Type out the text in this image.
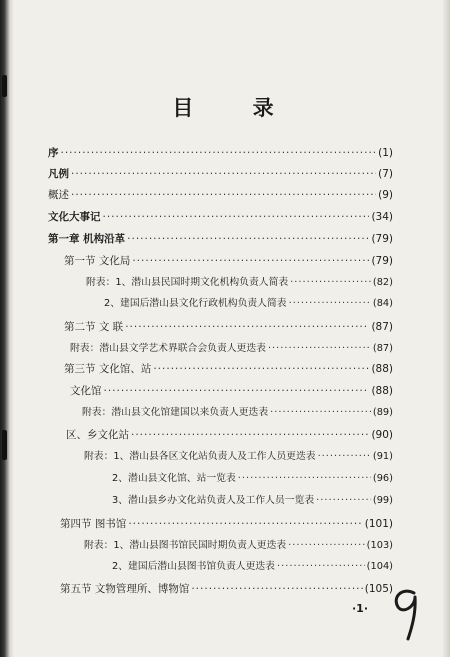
目 录
序 ·····	(1)
凡例 ·····	(7)
概述 ·····	(9)
文化大事记 ·····	(34)
第一章 机构沿革 ·····	(79)
第一节 文化局 ·····	(79)
附表：1、潜山县民国时期文化机构负责人简表 ·····	(82)
2、建国后潜山县文化行政机构负责人简表 ·····	(84)
第二节 文 联 ·····	(87)
附表：潜山县文学艺术界联合会负责人更迭表 ·····	(87)
第三节 文化馆、站 ·····	(88)
文化馆 ·····	(88)
附表：潜山县文化馆建国以来负责人更迭表 ·····	(89)
区、乡文化站 ·····	(90)
附表：1、潜山县各区文化站负责人及工作人员更迭表 ·····	(91)
2、潜山县文化馆、站一览表 ·····	(96)
3、潜山县乡办文化站负责人及工作人员一览表 ·····	(99)
第四节 图书馆 ·····	(101)
附表：1、潜山县图书馆民国时期负责人更迭表 ·····	(103)
2、建国后潜山县图书馆负责人更迭表 ·····	(104)
第五节 文物管理所、博物馆 ·····	(105)
·1·
